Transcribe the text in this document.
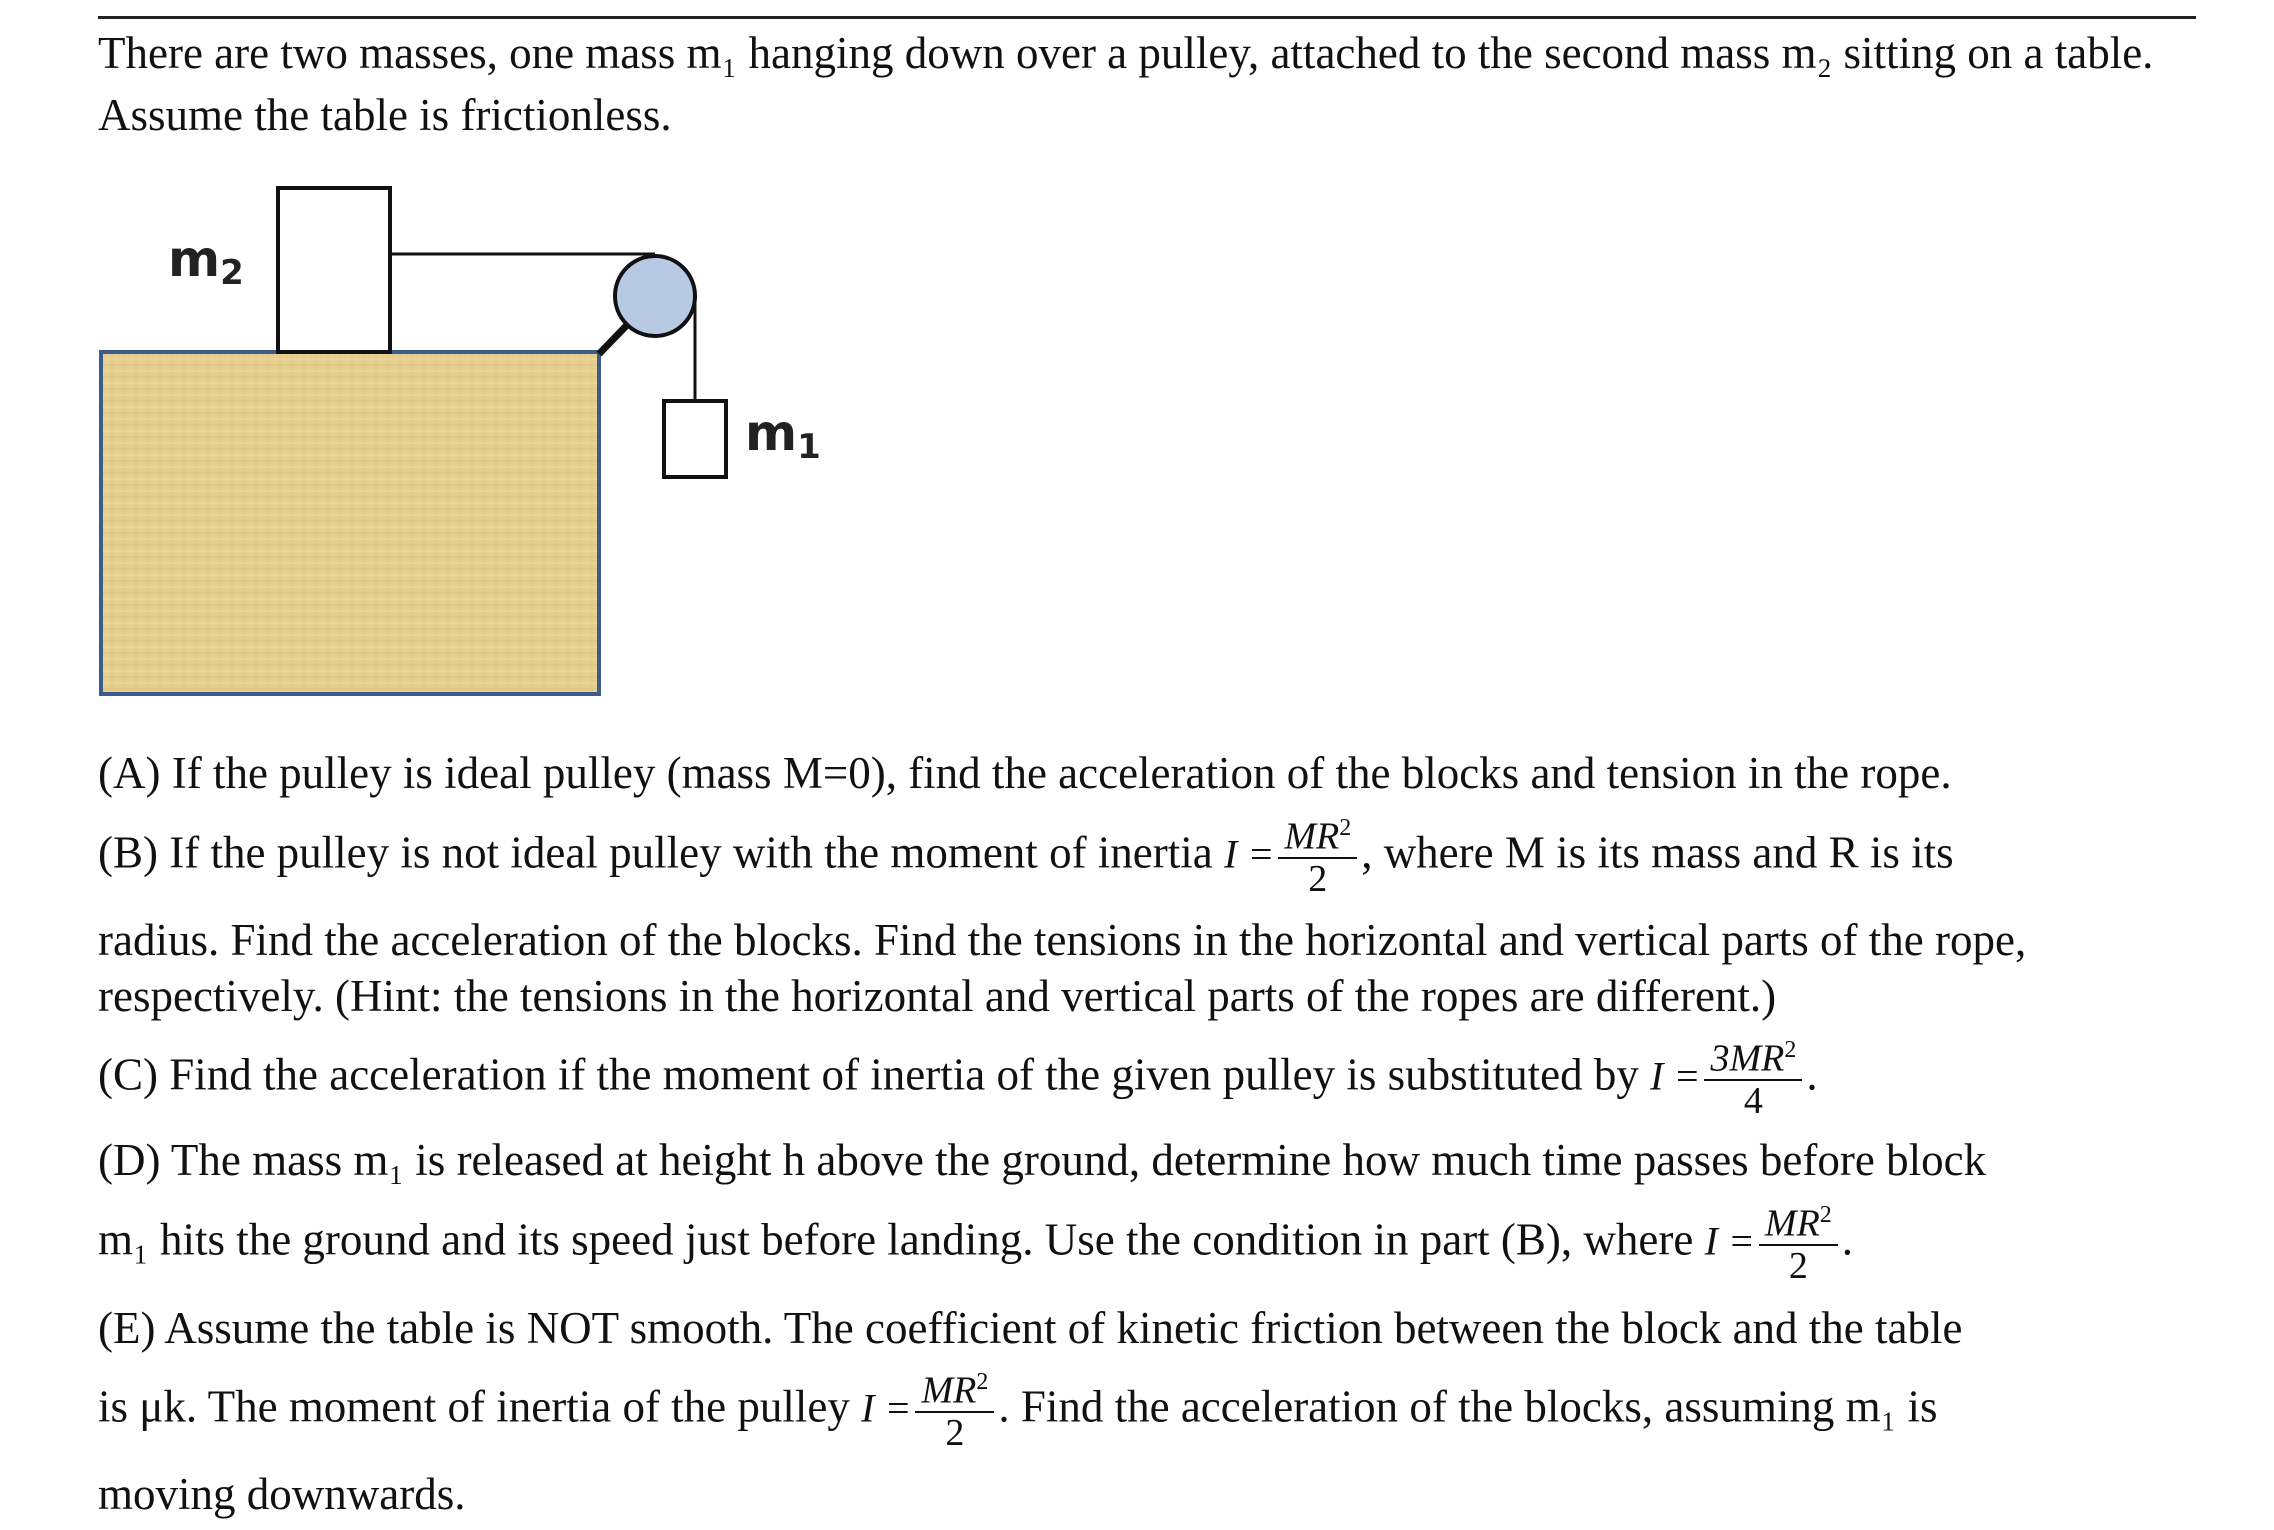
There are two masses, one mass m₁ hanging down over a pulley, attached to the second mass m₂ sitting on a table. Assume the table is frictionless.
$m_2$
$m_1$
(A) If the pulley is ideal pulley (mass M=0), find the acceleration of the blocks and tension in the rope.
(B) If the pulley is not ideal pulley with the moment of inertia $I = \frac{MR^2}{2}$ , where M is its mass and R is its
radius. Find the acceleration of the blocks. Find the tensions in the horizontal and vertical parts of the rope, respectively. (Hint: the tensions in the horizontal and vertical parts of the ropes are different.)
(C) Find the acceleration if the moment of inertia of the given pulley is substituted by $I = \frac{3MR^2}{4}$ .
(D) The mass m₁ is released at height h above the ground, determine how much time passes before block
m₁ hits the ground and its speed just before landing. Use the condition in part (B), where $I = \frac{MR^2}{2}$ .
(E) Assume the table is NOT smooth. The coefficient of kinetic friction between the block and the table
is μk. The moment of inertia of the pulley $I = \frac{MR^2}{2}$ . Find the acceleration of the blocks, assuming m₁ is
moving downwards.
